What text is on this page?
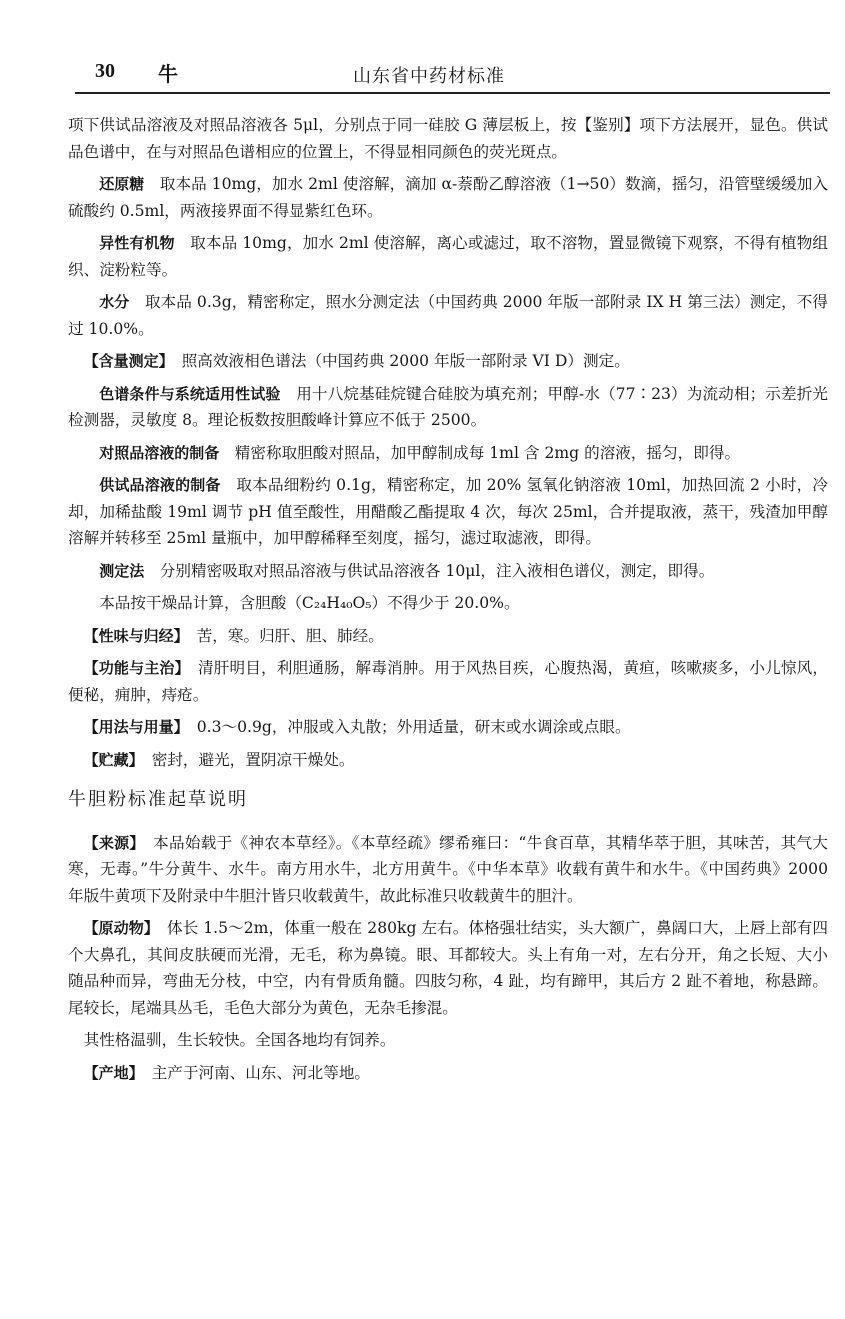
30 牛	山东省中药材标准

项下供试品溶液及对照品溶液各 5μl，分别点于同一硅胶 G 薄层板上，按【鉴别】项下方法展开，显色。供试品色谱中，在与对照品色谱相应的位置上，不得显相同颜色的荧光斑点。

还原糖　取本品 10mg，加水 2ml 使溶解，滴加 α-萘酚乙醇溶液（1→50）数滴，摇匀，沿管壁缓缓加入硫酸约 0.5ml，两液接界面不得显紫红色环。

异性有机物　取本品 10mg，加水 2ml 使溶解，离心或滤过，取不溶物，置显微镜下观察，不得有植物组织、淀粉粒等。

水分　取本品 0.3g，精密称定，照水分测定法（中国药典 2000 年版一部附录 IX H 第三法）测定，不得过 10.0%。

【含量测定】　照高效液相色谱法（中国药典 2000 年版一部附录 VI D）测定。

色谱条件与系统适用性试验　用十八烷基硅烷键合硅胶为填充剂；甲醇-水（77∶23）为流动相；示差折光检测器，灵敏度 8。理论板数按胆酸峰计算应不低于 2500。

对照品溶液的制备　精密称取胆酸对照品，加甲醇制成每 1ml 含 2mg 的溶液，摇匀，即得。

供试品溶液的制备　取本品细粉约 0.1g，精密称定，加 20% 氢氧化钠溶液 10ml，加热回流 2 小时，冷却，加稀盐酸 19ml 调节 pH 值至酸性，用醋酸乙酯提取 4 次，每次 25ml，合并提取液，蒸干，残渣加甲醇溶解并转移至 25ml 量瓶中，加甲醇稀释至刻度，摇匀，滤过取滤液，即得。

测定法　分别精密吸取对照品溶液与供试品溶液各 10μl，注入液相色谱仪，测定，即得。

本品按干燥品计算，含胆酸（C₂₄H₄₀O₅）不得少于 20.0%。

【性味与归经】　苦，寒。归肝、胆、肺经。

【功能与主治】　清肝明目，利胆通肠，解毒消肿。用于风热目疾，心腹热渴，黄疸，咳嗽痰多，小儿惊风，便秘，痈肿，痔疮。

【用法与用量】　0.3～0.9g，冲服或入丸散；外用适量，研末或水调涂或点眼。

【贮藏】　密封，避光，置阴凉干燥处。

牛胆粉标准起草说明

【来源】　本品始载于《神农本草经》。《本草经疏》缪希雍曰：“牛食百草，其精华萃于胆，其味苦，其气大寒，无毒。”牛分黄牛、水牛。南方用水牛，北方用黄牛。《中华本草》收载有黄牛和水牛。《中国药典》2000 年版牛黄项下及附录中牛胆汁皆只收载黄牛，故此标准只收载黄牛的胆汁。

【原动物】　体长 1.5～2m，体重一般在 280kg 左右。体格强壮结实，头大额广，鼻阔口大，上唇上部有四个大鼻孔，其间皮肤硬而光滑，无毛，称为鼻镜。眼、耳都较大。头上有角一对，左右分开，角之长短、大小随品种而异，弯曲无分枝，中空，内有骨质角髓。四肢匀称，4 趾，均有蹄甲，其后方 2 趾不着地，称悬蹄。尾较长，尾端具丛毛，毛色大部分为黄色，无杂毛掺混。

其性格温驯，生长较快。全国各地均有饲养。

【产地】　主产于河南、山东、河北等地。
